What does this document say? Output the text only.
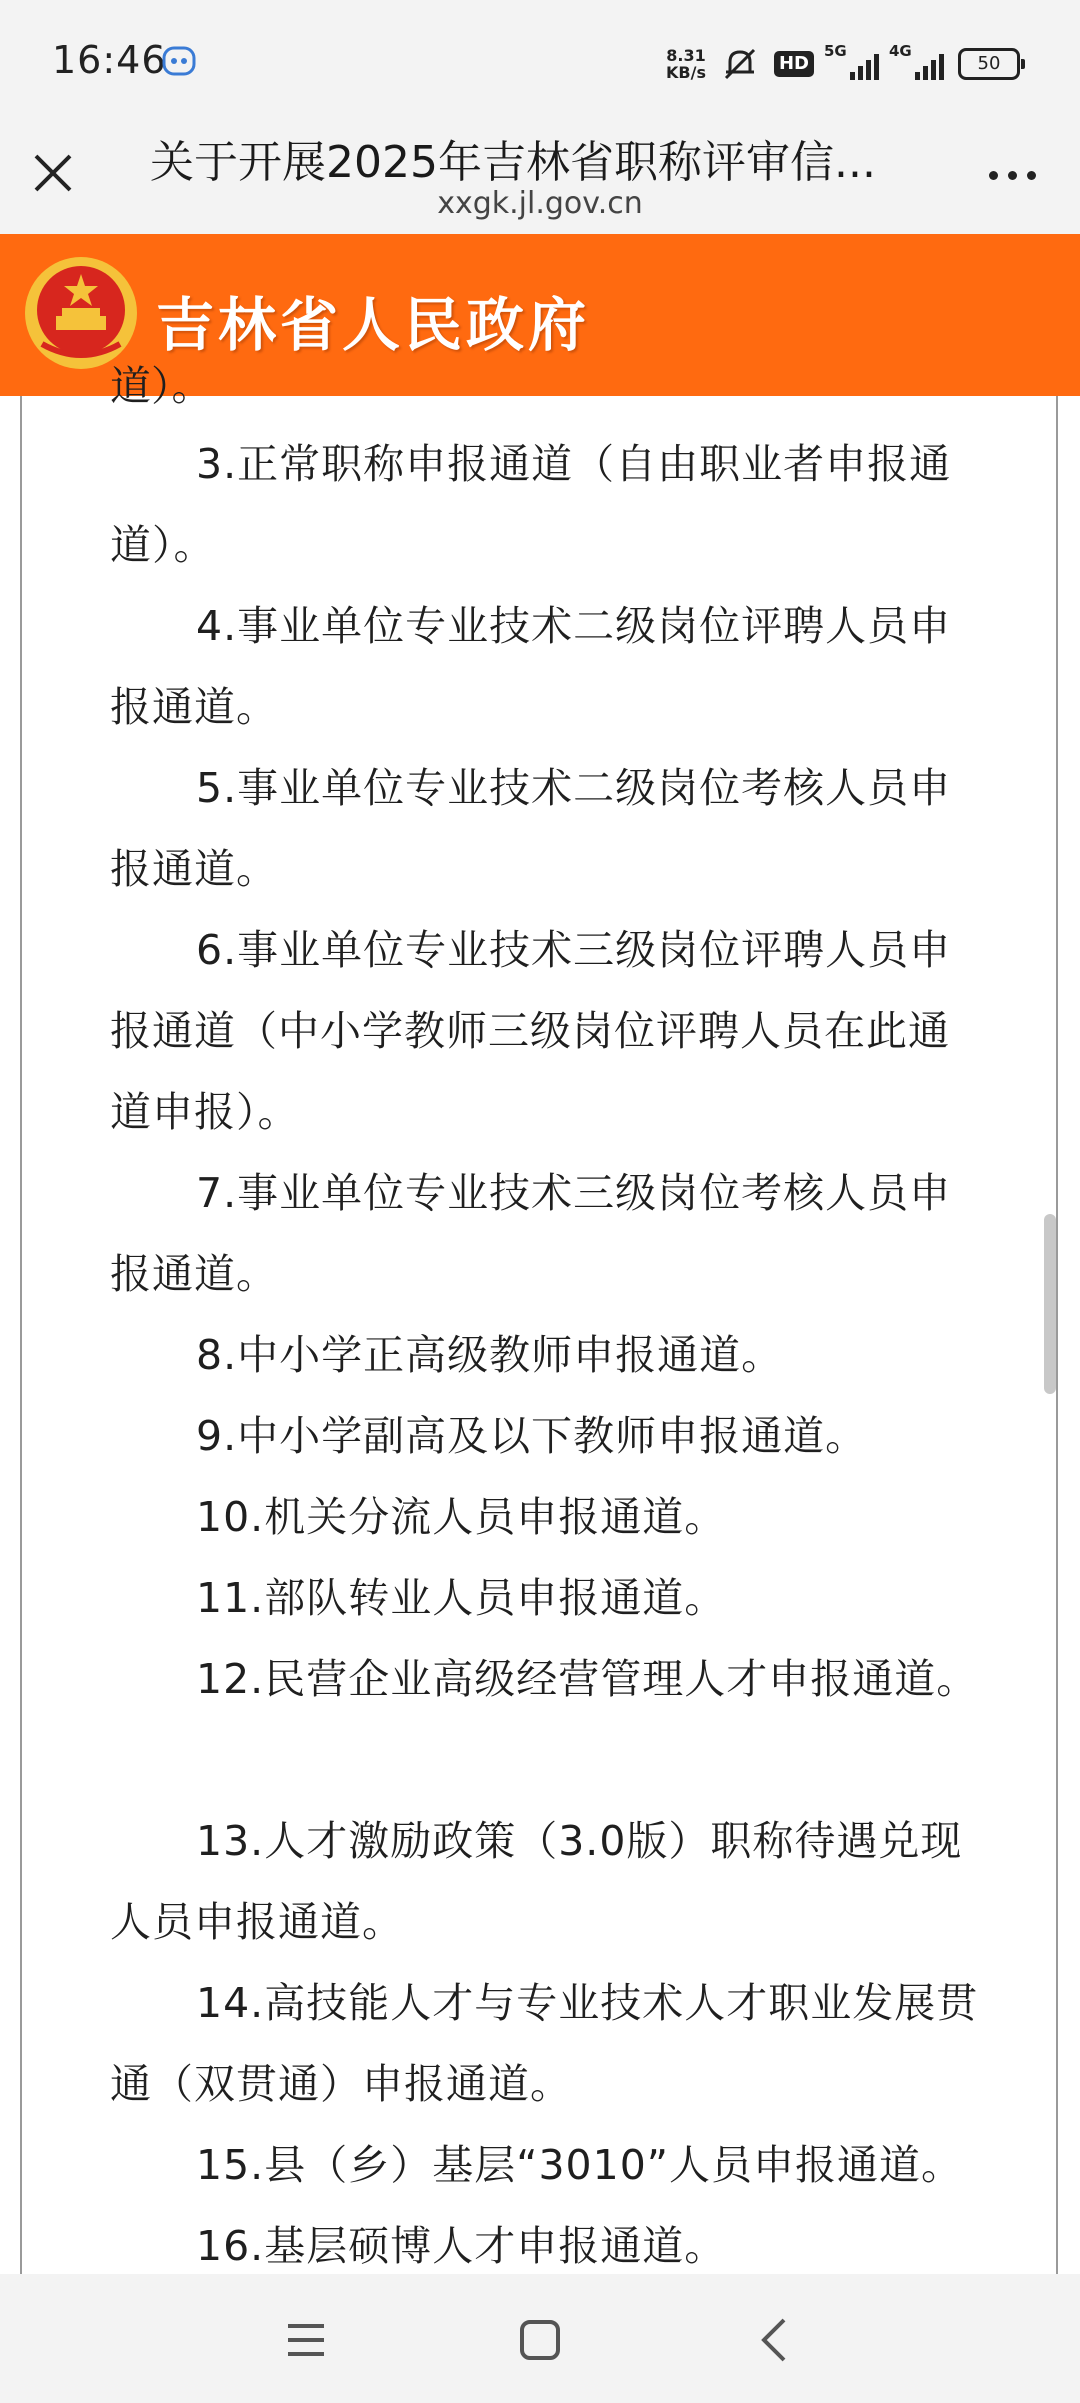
16:46	8.31
KB/s	HD
5G	4G
50
关于开展2025年吉林省职称评审信...
xxgk.jl.gov.cn
吉林省人民政府
道）。
3.正常职称申报通道（自由职业者申报通道）。
4.事业单位专业技术二级岗位评聘人员申报通道。
5.事业单位专业技术二级岗位考核人员申报通道。
6.事业单位专业技术三级岗位评聘人员申报通道（中小学教师三级岗位评聘人员在此通道申报）。
7.事业单位专业技术三级岗位考核人员申报通道。
8.中小学正高级教师申报通道。
9.中小学副高及以下教师申报通道。
10.机关分流人员申报通道。
11.部队转业人员申报通道。
12.民营企业高级经营管理人才申报通道。
13.人才激励政策（3.0版）职称待遇兑现人员申报通道。
14.高技能人才与专业技术人才职业发展贯通（双贯通）申报通道。
15.县（乡）基层“3010”人员申报通道。
16.基层硕博人才申报通道。
